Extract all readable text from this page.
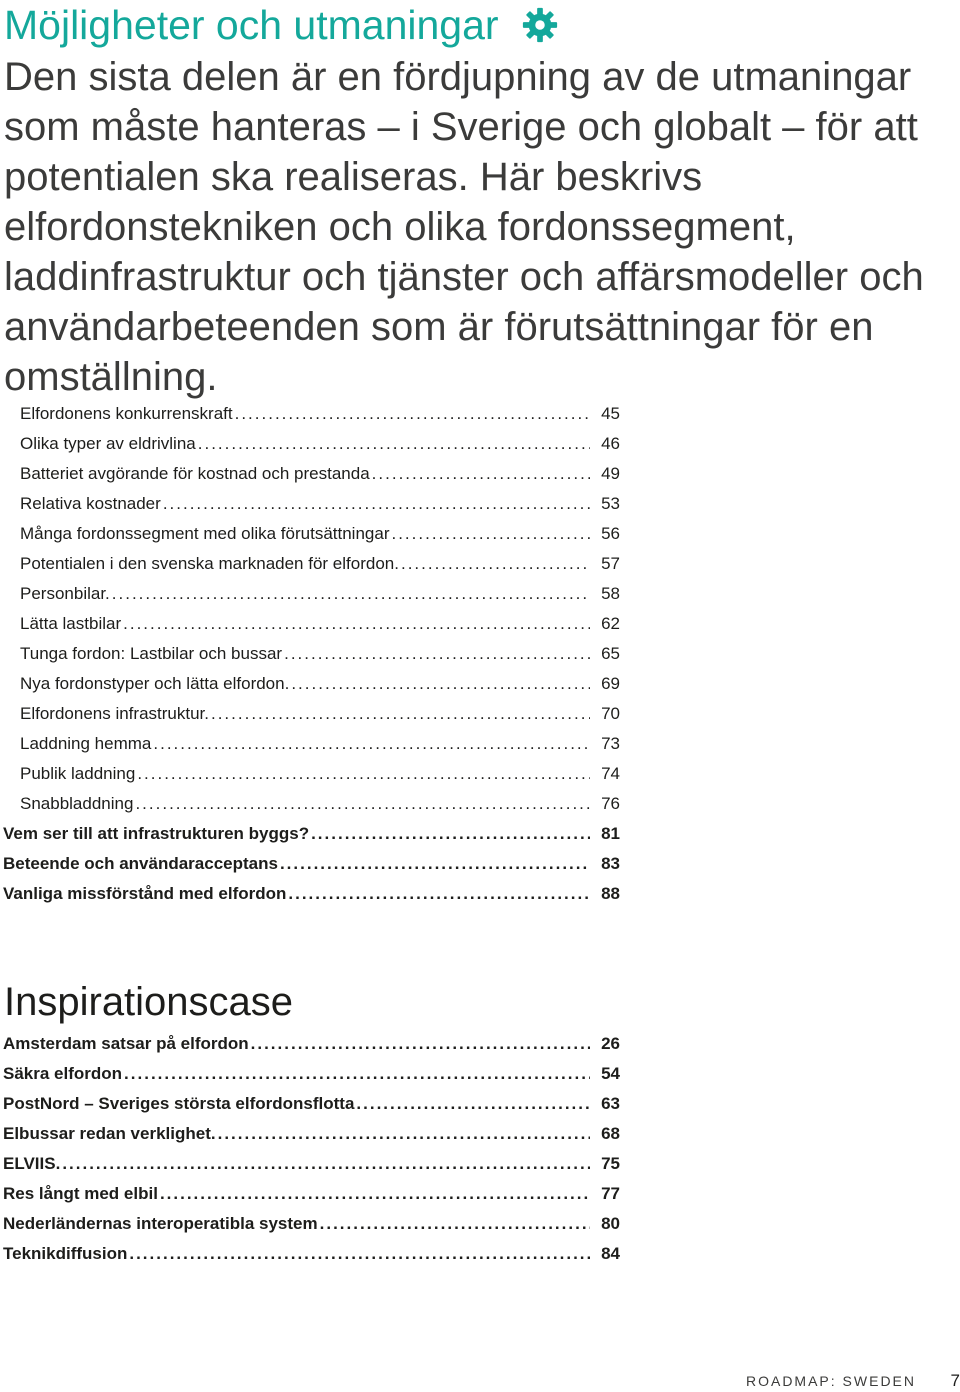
Möjligheter och utmaningar

Den sista delen är en fördjupning av de utmaningar som måste hanteras – i Sverige och globalt – för att potentialen ska realiseras. Här beskrivs elfordonstekniken och olika fordonssegment, laddinfrastruktur och tjänster och affärsmodeller och användarbeteenden som är förutsättningar för en omställning.

Elfordonens konkurrenskraft .....	45
Olika typer av eldrivlina .....	46
Batteriet avgörande för kostnad och prestanda .....	49
Relativa kostnader .....	53
Många fordonssegment med olika förutsättningar .....	56
Potentialen i den svenska marknaden för elfordon. .....	57
Personbilar. .....	58
Lätta lastbilar .....	62
Tunga fordon: Lastbilar och bussar .....	65
Nya fordonstyper och lätta elfordon. .....	69
Elfordonens infrastruktur. .....	70
Laddning hemma .....	73
Publik laddning .....	74
Snabbladdning .....	76
Vem ser till att infrastrukturen byggs? .....	81
Beteende och användaracceptans .....	83
Vanliga missförstånd med elfordon .....	88
Inspirationscase
Amsterdam satsar på elfordon .....	26
Säkra elfordon .....	54
PostNord – Sveriges största elfordonsflotta .....	63
Elbussar redan verklighet. .....	68
ELVIIS. .....	75
Res långt med elbil .....	77
Nederländernas interoperatibla system .....	80
Teknikdiffusion .....	84
ROADMAP: SWEDEN	7
